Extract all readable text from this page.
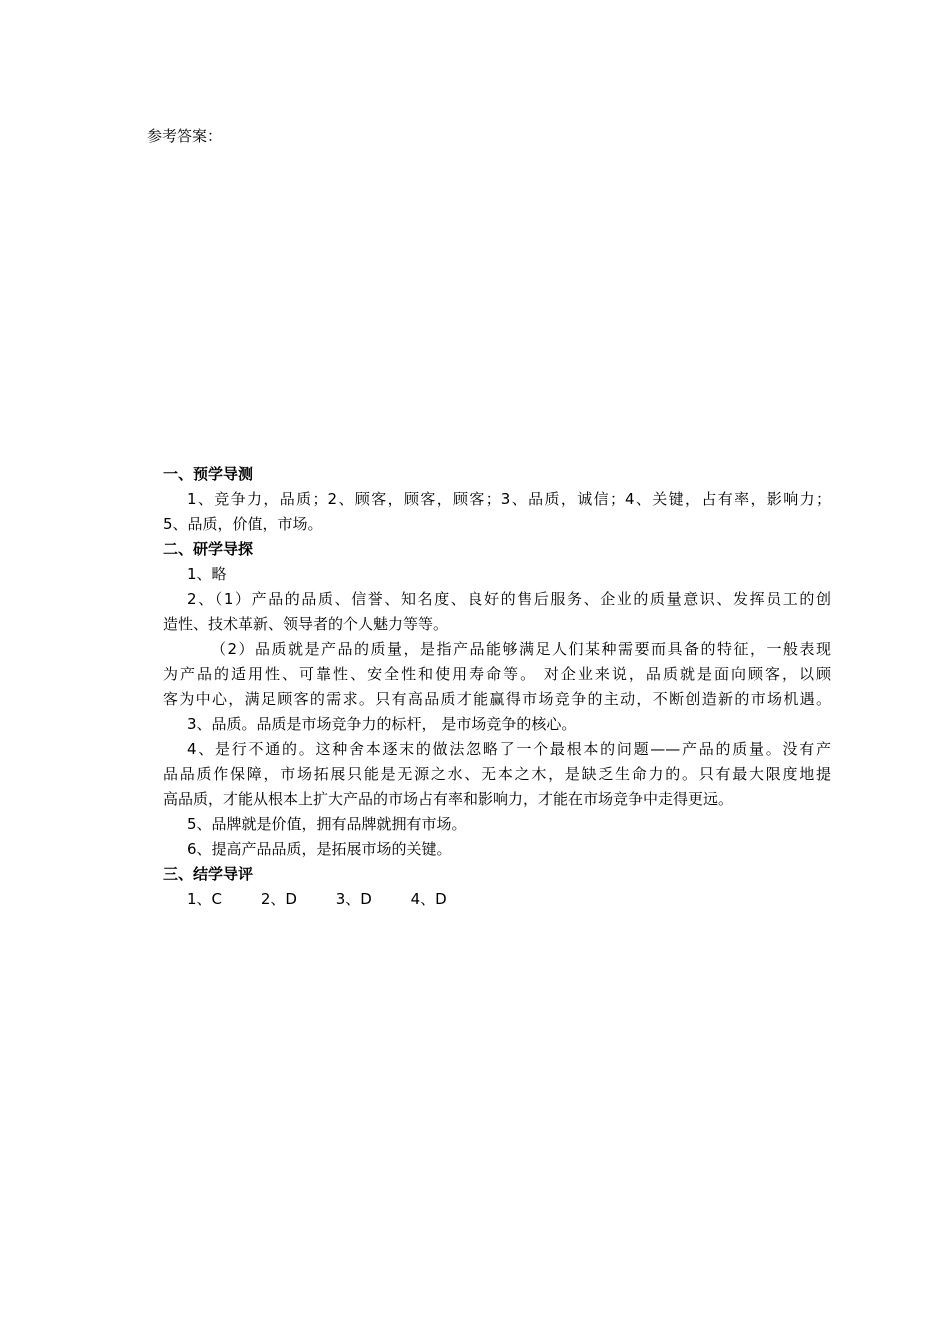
参考答案：
一、预学导测
1、竞争力，品质；2、顾客，顾客，顾客；3、品质，诚信；4、关键，占有率，影响力；
5、品质，价值，市场。
二、研学导探
1、略
2、（1）产品的品质、信誉、知名度、良好的售后服务、企业的质量意识、发挥员工的创
造性、技术革新、领导者的个人魅力等等。
（2）品质就是产品的质量，是指产品能够满足人们某种需要而具备的特征，一般表现
为产品的适用性、可靠性、安全性和使用寿命等。 对企业来说，品质就是面向顾客，以顾
客为中心，满足顾客的需求。只有高品质才能赢得市场竞争的主动，不断创造新的市场机遇。
3、品质。品质是市场竞争力的标杆， 是市场竞争的核心。
4、是行不通的。这种舍本逐末的做法忽略了一个最根本的问题——产品的质量。没有产
品品质作保障，市场拓展只能是无源之水、无本之木，是缺乏生命力的。只有最大限度地提
高品质，才能从根本上扩大产品的市场占有率和影响力，才能在市场竞争中走得更远。
5、品牌就是价值，拥有品牌就拥有市场。
6、提高产品品质，是拓展市场的关键。
三、结学导评
1、C	2、D	3、D	4、D
